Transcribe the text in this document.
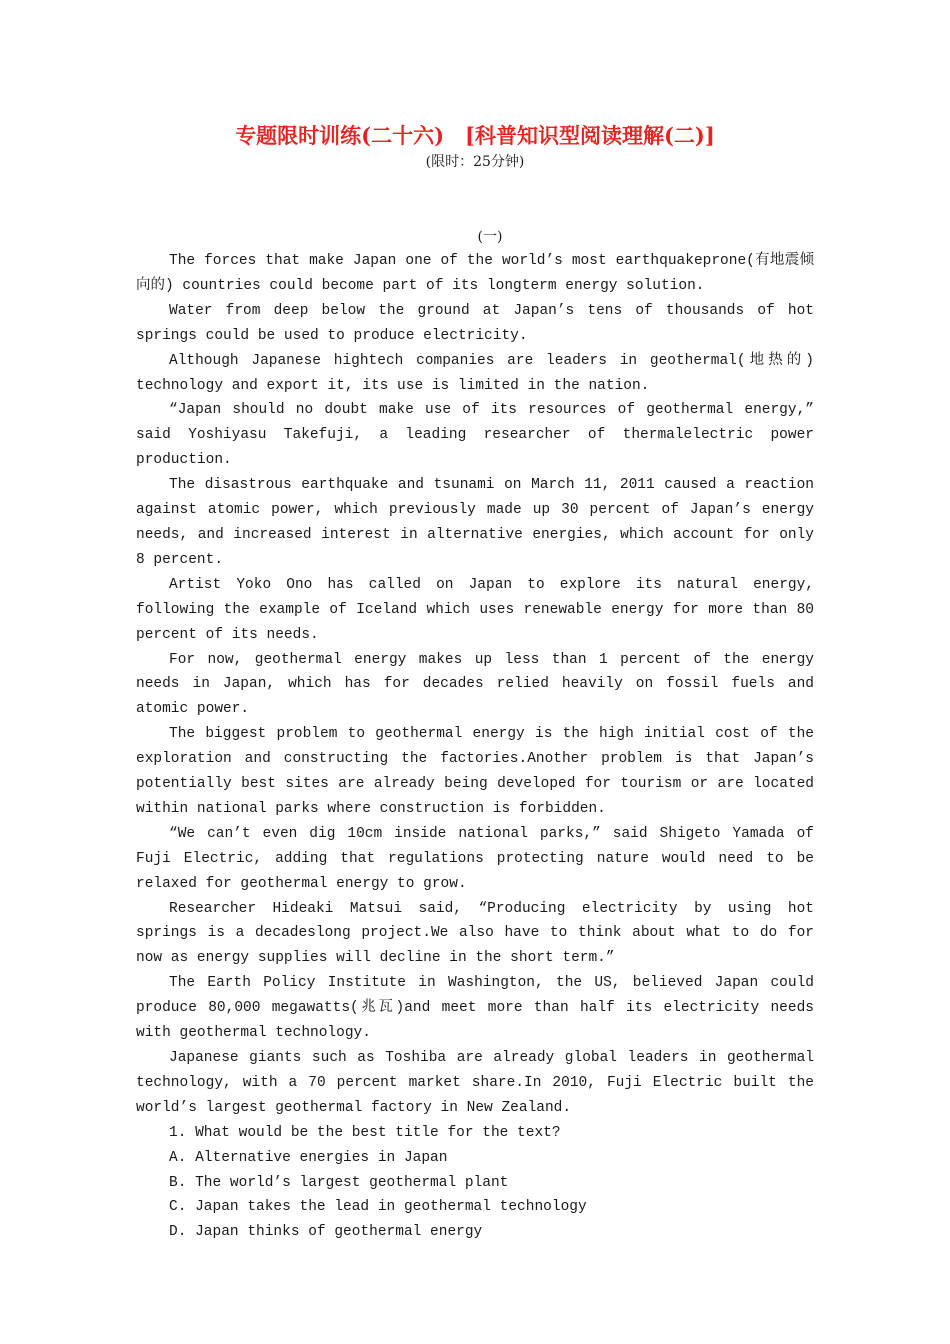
专题限时训练(二十六)　[科普知识型阅读理解(二)]
(限时：25分钟)
(一)

The forces that make Japan one of the world’s most earthquakeprone(有地震倾向的) countries could become part of its longterm energy solution.

Water from deep below the ground at Japan’s tens of thousands of hot springs could be used to produce electricity.

Although Japanese hightech companies are leaders in geothermal(地热的) technology and export it, its use is limited in the nation.

“Japan should no doubt make use of its resources of geothermal energy,” said Yoshiyasu Takefuji, a leading researcher of thermalelectric power production.

The disastrous earthquake and tsunami on March 11, 2011 caused a reaction against atomic power, which previously made up 30 percent of Japan’s energy needs, and increased interest in alternative energies, which account for only 8 percent.

Artist Yoko Ono has called on Japan to explore its natural energy, following the example of Iceland which uses renewable energy for more than 80 percent of its needs.

For now, geothermal energy makes up less than 1 percent of the energy needs in Japan, which has for decades relied heavily on fossil fuels and atomic power.

The biggest problem to geothermal energy is the high initial cost of the exploration and constructing the factories.Another problem is that Japan’s potentially best sites are already being developed for tourism or are located within national parks where construction is forbidden.

“We can’t even dig 10cm inside national parks,” said Shigeto Yamada of Fuji Electric, adding that regulations protecting nature would need to be relaxed for geothermal energy to grow.

Researcher Hideaki Matsui said, “Producing electricity by using hot springs is a decadeslong project.We also have to think about what to do for now as energy supplies will decline in the short term.”

The Earth Policy Institute in Washington, the US, believed Japan could produce 80,000 megawatts(兆瓦)and meet more than half its electricity needs with geothermal technology.

Japanese giants such as Toshiba are already global leaders in geothermal technology, with a 70 percent market share.In 2010, Fuji Electric built the world’s largest geothermal factory in New Zealand.

1. What would be the best title for the text?

A. Alternative energies in Japan

B. The world’s largest geothermal plant

C. Japan takes the lead in geothermal technology

D. Japan thinks of geothermal energy
